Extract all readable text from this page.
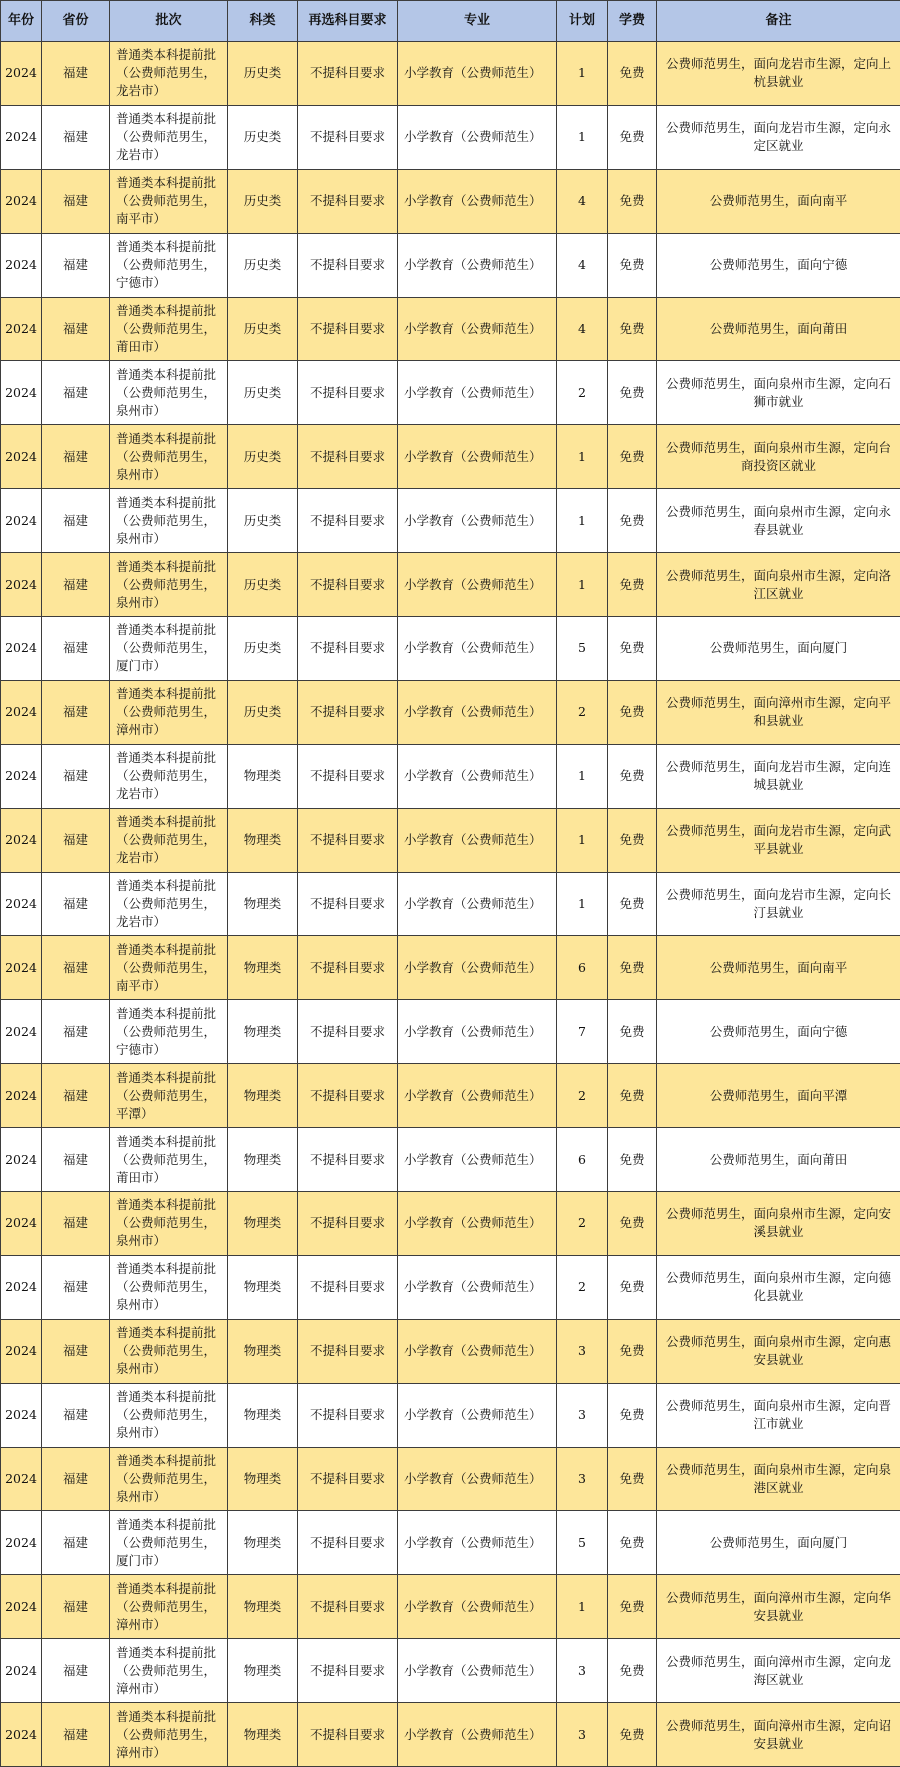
年份	省份	批次	科类	再选科目要求	专业	计划	学费	备注
2024	福建	普通类本科提前批（公费师范男生，龙岩市）	历史类	不提科目要求	小学教育（公费师范生）	1	免费	公费师范男生，面向龙岩市生源，定向上杭县就业
2024	福建	普通类本科提前批（公费师范男生，龙岩市）	历史类	不提科目要求	小学教育（公费师范生）	1	免费	公费师范男生，面向龙岩市生源，定向永定区就业
2024	福建	普通类本科提前批（公费师范男生，南平市）	历史类	不提科目要求	小学教育（公费师范生）	4	免费	公费师范男生，面向南平
2024	福建	普通类本科提前批（公费师范男生，宁德市）	历史类	不提科目要求	小学教育（公费师范生）	4	免费	公费师范男生，面向宁德
2024	福建	普通类本科提前批（公费师范男生，莆田市）	历史类	不提科目要求	小学教育（公费师范生）	4	免费	公费师范男生，面向莆田
2024	福建	普通类本科提前批（公费师范男生，泉州市）	历史类	不提科目要求	小学教育（公费师范生）	2	免费	公费师范男生，面向泉州市生源，定向石狮市就业
2024	福建	普通类本科提前批（公费师范男生，泉州市）	历史类	不提科目要求	小学教育（公费师范生）	1	免费	公费师范男生，面向泉州市生源，定向台商投资区就业
2024	福建	普通类本科提前批（公费师范男生，泉州市）	历史类	不提科目要求	小学教育（公费师范生）	1	免费	公费师范男生，面向泉州市生源，定向永春县就业
2024	福建	普通类本科提前批（公费师范男生，泉州市）	历史类	不提科目要求	小学教育（公费师范生）	1	免费	公费师范男生，面向泉州市生源，定向洛江区就业
2024	福建	普通类本科提前批（公费师范男生，厦门市）	历史类	不提科目要求	小学教育（公费师范生）	5	免费	公费师范男生，面向厦门
2024	福建	普通类本科提前批（公费师范男生，漳州市）	历史类	不提科目要求	小学教育（公费师范生）	2	免费	公费师范男生，面向漳州市生源，定向平和县就业
2024	福建	普通类本科提前批（公费师范男生，龙岩市）	物理类	不提科目要求	小学教育（公费师范生）	1	免费	公费师范男生，面向龙岩市生源，定向连城县就业
2024	福建	普通类本科提前批（公费师范男生，龙岩市）	物理类	不提科目要求	小学教育（公费师范生）	1	免费	公费师范男生，面向龙岩市生源，定向武平县就业
2024	福建	普通类本科提前批（公费师范男生，龙岩市）	物理类	不提科目要求	小学教育（公费师范生）	1	免费	公费师范男生，面向龙岩市生源，定向长汀县就业
2024	福建	普通类本科提前批（公费师范男生，南平市）	物理类	不提科目要求	小学教育（公费师范生）	6	免费	公费师范男生，面向南平
2024	福建	普通类本科提前批（公费师范男生，宁德市）	物理类	不提科目要求	小学教育（公费师范生）	7	免费	公费师范男生，面向宁德
2024	福建	普通类本科提前批（公费师范男生，平潭）	物理类	不提科目要求	小学教育（公费师范生）	2	免费	公费师范男生，面向平潭
2024	福建	普通类本科提前批（公费师范男生，莆田市）	物理类	不提科目要求	小学教育（公费师范生）	6	免费	公费师范男生，面向莆田
2024	福建	普通类本科提前批（公费师范男生，泉州市）	物理类	不提科目要求	小学教育（公费师范生）	2	免费	公费师范男生，面向泉州市生源，定向安溪县就业
2024	福建	普通类本科提前批（公费师范男生，泉州市）	物理类	不提科目要求	小学教育（公费师范生）	2	免费	公费师范男生，面向泉州市生源，定向德化县就业
2024	福建	普通类本科提前批（公费师范男生，泉州市）	物理类	不提科目要求	小学教育（公费师范生）	3	免费	公费师范男生，面向泉州市生源，定向惠安县就业
2024	福建	普通类本科提前批（公费师范男生，泉州市）	物理类	不提科目要求	小学教育（公费师范生）	3	免费	公费师范男生，面向泉州市生源，定向晋江市就业
2024	福建	普通类本科提前批（公费师范男生，泉州市）	物理类	不提科目要求	小学教育（公费师范生）	3	免费	公费师范男生，面向泉州市生源，定向泉港区就业
2024	福建	普通类本科提前批（公费师范男生，厦门市）	物理类	不提科目要求	小学教育（公费师范生）	5	免费	公费师范男生，面向厦门
2024	福建	普通类本科提前批（公费师范男生，漳州市）	物理类	不提科目要求	小学教育（公费师范生）	1	免费	公费师范男生，面向漳州市生源，定向华安县就业
2024	福建	普通类本科提前批（公费师范男生，漳州市）	物理类	不提科目要求	小学教育（公费师范生）	3	免费	公费师范男生，面向漳州市生源，定向龙海区就业
2024	福建	普通类本科提前批（公费师范男生，漳州市）	物理类	不提科目要求	小学教育（公费师范生）	3	免费	公费师范男生，面向漳州市生源，定向诏安县就业
